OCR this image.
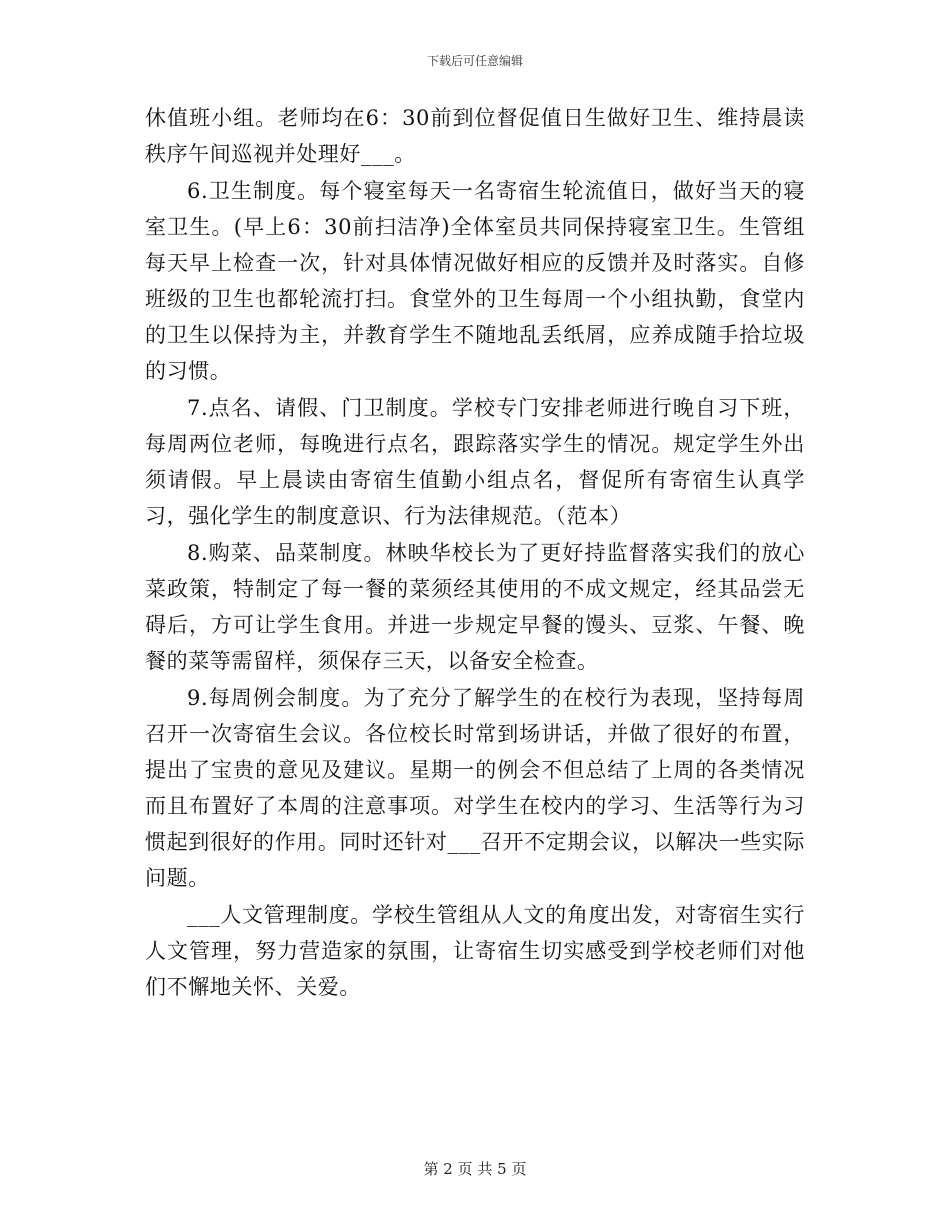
下载后可任意编辑

休值班小组。老师均在6：30前到位督促值日生做好卫生、维持晨读秩序午间巡视并处理好___。

6.卫生制度。每个寝室每天一名寄宿生轮流值日，做好当天的寝室卫生。(早上6：30前扫洁净)全体室员共同保持寝室卫生。生管组每天早上检查一次，针对具体情况做好相应的反馈并及时落实。自修班级的卫生也都轮流打扫。食堂外的卫生每周一个小组执勤，食堂内的卫生以保持为主，并教育学生不随地乱丢纸屑，应养成随手拾垃圾的习惯。

7.点名、请假、门卫制度。学校专门安排老师进行晚自习下班，每周两位老师，每晚进行点名，跟踪落实学生的情况。规定学生外出须请假。早上晨读由寄宿生值勤小组点名，督促所有寄宿生认真学习，强化学生的制度意识、行为法律规范。（范本）

8.购菜、品菜制度。林映华校长为了更好持监督落实我们的放心菜政策，特制定了每一餐的菜须经其使用的不成文规定，经其品尝无碍后，方可让学生食用。并进一步规定早餐的馒头、豆浆、午餐、晚餐的菜等需留样，须保存三天，以备安全检查。

9.每周例会制度。为了充分了解学生的在校行为表现，坚持每周召开一次寄宿生会议。各位校长时常到场讲话，并做了很好的布置，提出了宝贵的意见及建议。星期一的例会不但总结了上周的各类情况而且布置好了本周的注意事项。对学生在校内的学习、生活等行为习惯起到很好的作用。同时还针对___召开不定期会议，以解决一些实际问题。

___人文管理制度。学校生管组从人文的角度出发，对寄宿生实行人文管理，努力营造家的氛围，让寄宿生切实感受到学校老师们对他们不懈地关怀、关爱。

第 2 页 共 5 页
